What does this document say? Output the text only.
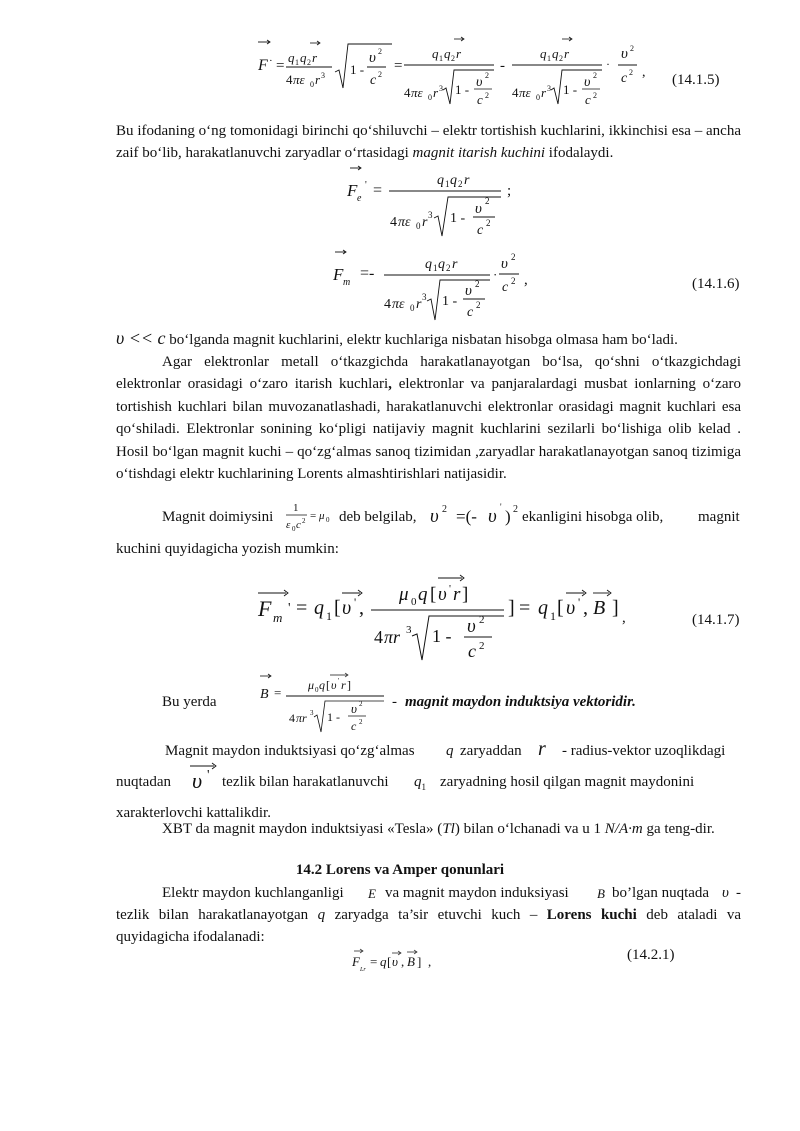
F · =
q 1 q 2 r
4 πε 0 r 3 1 -
υ 2
c 2
=
q 1 q 2 r
4 πε 0 r 3 1 - υ 2
c 2
-
q 1 q 2 r
4 πε 0 r 3 1 - υ 2
c 2
·
υ 2
c 2 , (14.1.5)
Bu ifodaning o‘ng tomonidagi birinchi qo‘shiluvchi – elektr tortishish kuchlarini, ikkinchisi esa – ancha zaif bo‘lib, harakatlanuvchi zaryadlar o‘rtasidagi magnit itarish kuchini ifodalaydi.
F e
' =
q 1 q 2 r
4 πε 0 r 3 1 -
υ 2
c 2
;
F m
=-
q 1 q 2 r
4 πε 0 r 3 1 -
υ 2
c 2
·
υ 2
c 2 ,	(14.1.6)
υ << c bo‘lganda magnit kuchlarini, elektr kuchlariga nisbatan hisobga olmasa ham bo‘ladi.
Agar elektronlar metall o‘tkazgichda harakatlanayotgan bo‘lsa, qo‘shni o‘tkazgichdagi elektronlar orasidagi o‘zaro itarish kuchlari, elektronlar va panjaralardagi musbat ionlarning o‘zaro tortishish kuchlari bilan muvozanatlashadi, harakatlanuvchi elektronlar orasidagi magnit kuchlari esa qo‘shiladi. Elektronlar sonining ko‘pligi natijaviy magnit kuchlarini sezilarli bo‘lishiga olib kelad . Hosil bo‘lgan magnit kuchi – qo‘zg‘almas sanoq tizimidan ,zaryadlar harakatlanayotgan sanoq tizimiga o‘tishdagi elektr kuchlarining Lorents almashtirishlari natijasidir.
Magnit doimiysini
1
ε 0 c 2 = μ 0 deb belgilab, υ 2 =(- υ ' ) 2 ekanligini hisobga olib, magnit
kuchini quyidagicha yozish mumkin:
F m
' = q 1 [ υ ' ,
μ 0 q [ υ ' r ]
4 πr 3 1 - υ 2
c 2
] = q 1 [ υ ' , B ] ,	(14.1.7)
Bu yerda	B = μ 0 q [ υ ' r ]
4 πr 3 1 -
υ 2
c 2
- magnit maydon induktsiya vektoridir.
Magnit maydon induktsiyasi qo‘zg‘almas q zaryaddan r - radius-vektor uzoqlikdagi
nuqtadan υ ' tezlik bilan harakatlanuvchi $q_1$ zaryadning hosil qilgan magnit maydonini
xarakterlovchi kattalikdir.
XBT da magnit maydon induktsiyasi «Tesla» (Tl) bilan o‘lchanadi va u 1 N/A·m ga teng-dir.
14.2 Lorens va Amper qonunlari
Elektr maydon kuchlanganligi E va magnit maydon induksiyasi B bo’lgan nuqtada υ -
tezlik bilan harakatlanayotgan q zaryadga ta’sir etuvchi kuch – Lorens kuchi deb ataladi va quyidagicha ifodalanadi:
F
Lr
= q [ υ , B ] ,	(14.2.1)
